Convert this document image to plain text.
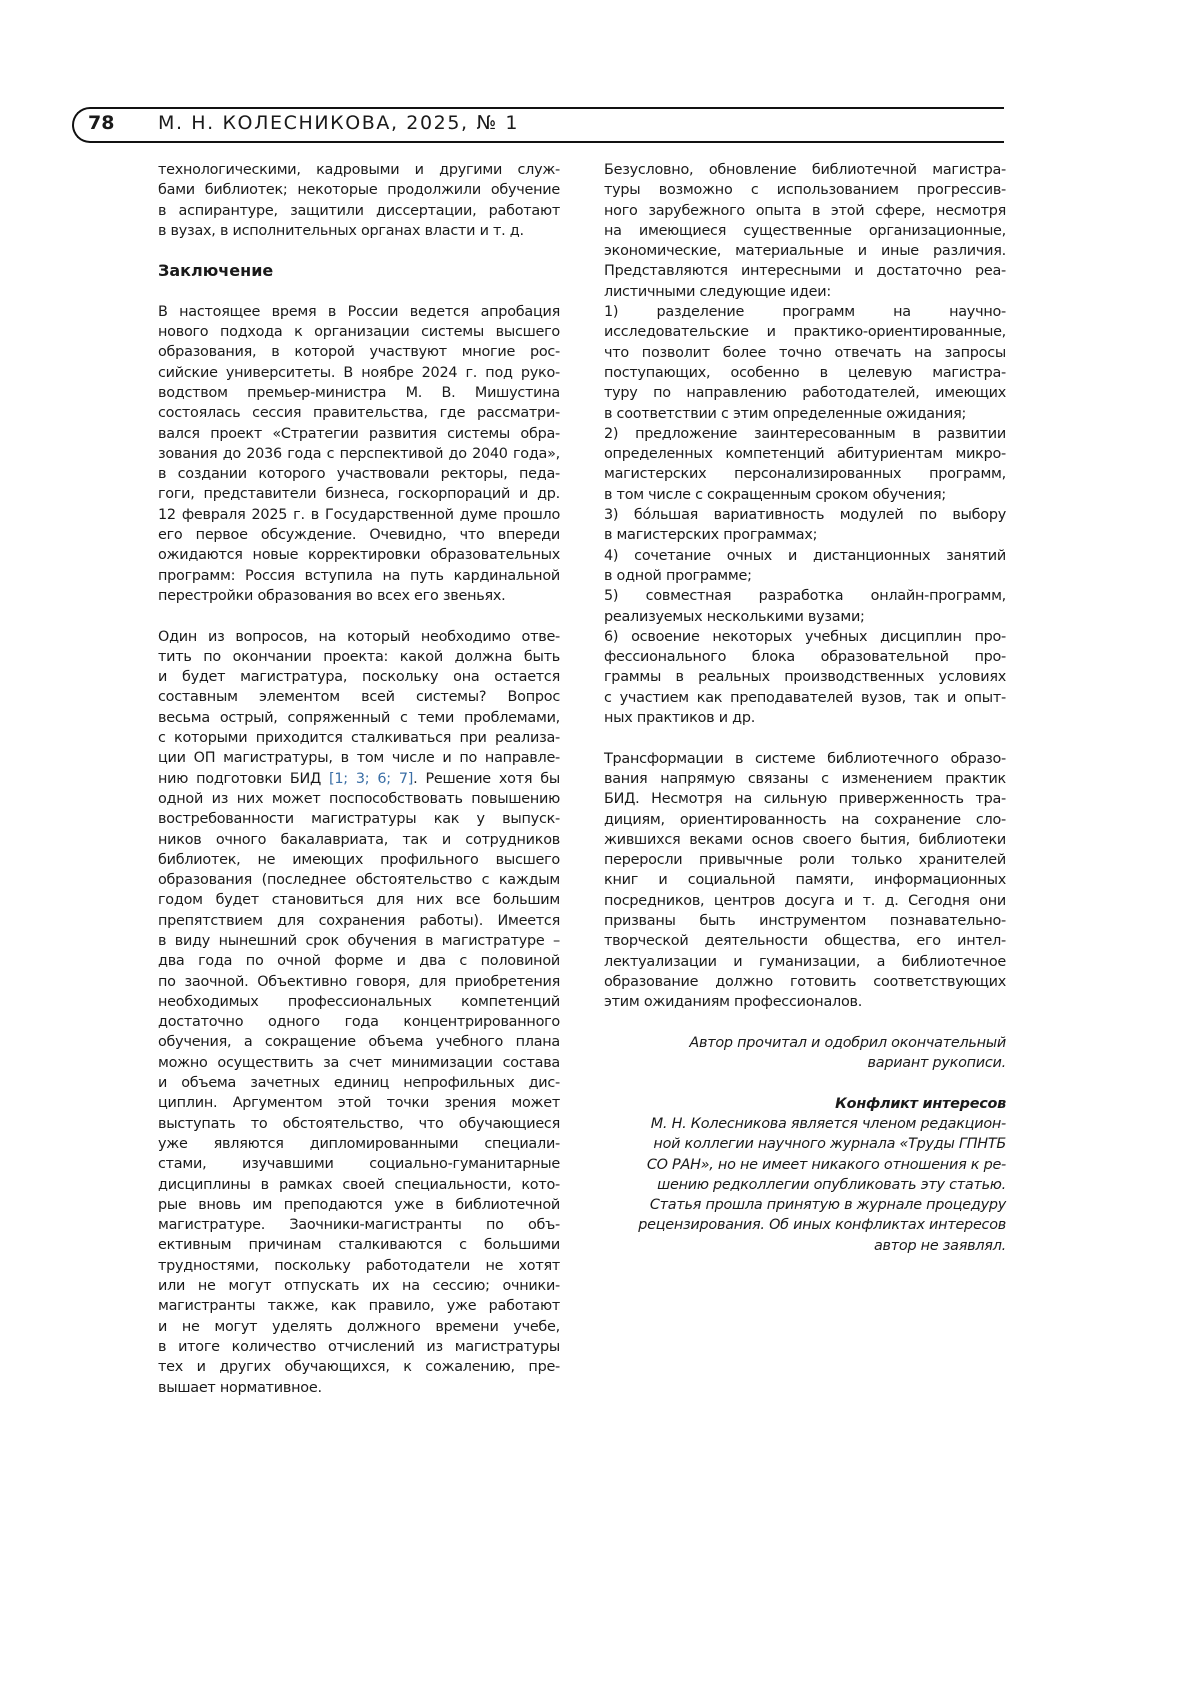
78 М. Н. КОЛЕСНИКОВА, 2025, № 1
технологическими, кадровыми и другими служ-
бами библиотек; некоторые продолжили обучение
в аспирантуре, защитили диссертации, работают
в вузах, в исполнительных органах власти и т. д.
Заключение
В настоящее время в России ведется апробация
нового подхода к организации системы высшего
образования, в которой участвуют многие рос-
сийские университеты. В ноябре 2024 г. под руко-
водством премьер-министра М. В. Мишустина
состоялась сессия правительства, где рассматри-
вался проект «Стратегии развития системы обра-
зования до 2036 года с перспективой до 2040 года»,
в создании которого участвовали ректоры, педа-
гоги, представители бизнеса, госкорпораций и др.
12 февраля 2025 г. в Государственной думе прошло
его первое обсуждение. Очевидно, что впереди
ожидаются новые корректировки образовательных
программ: Россия вступила на путь кардинальной
перестройки образования во всех его звеньях.
Один из вопросов, на который необходимо отве-
тить по окончании проекта: какой должна быть
и будет магистратура, поскольку она остается
составным элементом всей системы? Вопрос
весьма острый, сопряженный с теми проблемами,
с которыми приходится сталкиваться при реализа-
ции ОП магистратуры, в том числе и по направле-
нию подготовки БИД [1; 3; 6; 7]. Решение хотя бы
одной из них может поспособствовать повышению
востребованности магистратуры как у выпуск-
ников очного бакалавриата, так и сотрудников
библиотек, не имеющих профильного высшего
образования (последнее обстоятельство с каждым
годом будет становиться для них все большим
препятствием для сохранения работы). Имеется
в виду нынешний срок обучения в магистратуре –
два года по очной форме и два с половиной
по заочной. Объективно говоря, для приобретения
необходимых профессиональных компетенций
достаточно одного года концентрированного
обучения, а сокращение объема учебного плана
можно осуществить за счет минимизации состава
и объема зачетных единиц непрофильных дис-
циплин. Аргументом этой точки зрения может
выступать то обстоятельство, что обучающиеся
уже являются дипломированными специали-
стами, изучавшими социально-гуманитарные
дисциплины в рамках своей специальности, кото-
рые вновь им преподаются уже в библиотечной
магистратуре. Заочники-магистранты по объ-
ективным причинам сталкиваются с большими
трудностями, поскольку работодатели не хотят
или не могут отпускать их на сессию; очники-
магистранты также, как правило, уже работают
и не могут уделять должного времени учебе,
в итоге количество отчислений из магистратуры
тех и других обучающихся, к сожалению, пре-
вышает нормативное.
Безусловно, обновление библиотечной магистра-
туры возможно с использованием прогрессив-
ного зарубежного опыта в этой сфере, несмотря
на имеющиеся существенные организационные,
экономические, материальные и иные различия.
Представляются интересными и достаточно реа-
листичными следующие идеи:
1) разделение программ на научно-
исследовательские и практико-ориентированные,
что позволит более точно отвечать на запросы
поступающих, особенно в целевую магистра-
туру по направлению работодателей, имеющих
в соответствии с этим определенные ожидания;
2) предложение заинтересованным в развитии
определенных компетенций абитуриентам микро-
магистерских персонализированных программ,
в том числе с сокращенным сроком обучения;
3) бóльшая вариативность модулей по выбору
в магистерских программах;
4) сочетание очных и дистанционных занятий
в одной программе;
5) совместная разработка онлайн-программ,
реализуемых несколькими вузами;
6) освоение некоторых учебных дисциплин про-
фессионального блока образовательной про-
граммы в реальных производственных условиях
с участием как преподавателей вузов, так и опыт-
ных практиков и др.
Трансформации в системе библиотечного образо-
вания напрямую связаны с изменением практик
БИД. Несмотря на сильную приверженность тра-
дициям, ориентированность на сохранение сло-
жившихся веками основ своего бытия, библиотеки
переросли привычные роли только хранителей
книг и социальной памяти, информационных
посредников, центров досуга и т. д. Сегодня они
призваны быть инструментом познавательно-
творческой деятельности общества, его интел-
лектуализации и гуманизации, а библиотечное
образование должно готовить соответствующих
этим ожиданиям профессионалов.
Автор прочитал и одобрил окончательный
вариант рукописи.
Конфликт интересов
М. Н. Колесникова является членом редакцион-
ной коллегии научного журнала «Труды ГПНТБ
СО РАН», но не имеет никакого отношения к ре-
шению редколлегии опубликовать эту статью.
Статья прошла принятую в журнале процедуру
рецензирования. Об иных конфликтах интересов
автор не заявлял.
